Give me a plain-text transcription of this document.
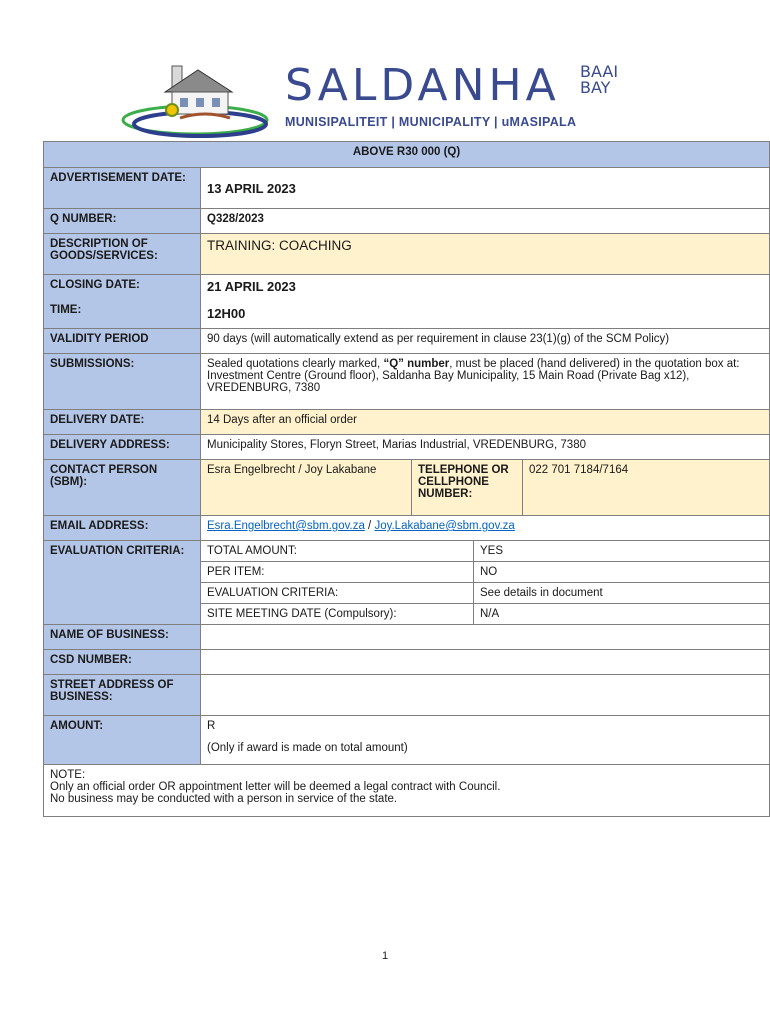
SALDANHA BAAI
BAY
MUNISIPALITEIT | MUNICIPALITY | uMASIPALA
ABOVE R30 000 (Q)
ADVERTISEMENT DATE:	13 APRIL 2023
Q NUMBER:	Q328/2023
DESCRIPTION OF GOODS/SERVICES:	TRAINING: COACHING
CLOSING DATE:	21 APRIL 2023
TIME:	12H00
VALIDITY PERIOD	90 days (will automatically extend as per requirement in clause 23(1)(g) of the SCM Policy)
SUBMISSIONS:	Sealed quotations clearly marked, “Q” number, must be placed (hand delivered) in the quotation box at: Investment Centre (Ground floor), Saldanha Bay Municipality, 15 Main Road (Private Bag x12), VREDENBURG, 7380
DELIVERY DATE:	14 Days after an official order
DELIVERY ADDRESS:	Municipality Stores, Floryn Street, Marias Industrial, VREDENBURG, 7380
CONTACT PERSON (SBM):	Esra Engelbrecht / Joy Lakabane	TELEPHONE OR CELLPHONE NUMBER:	022 701 7184/7164
EMAIL ADDRESS:	Esra.Engelbrecht@sbm.gov.za / Joy.Lakabane@sbm.gov.za
EVALUATION CRITERIA:	TOTAL AMOUNT:	YES
PER ITEM:	NO
EVALUATION CRITERIA:	See details in document
SITE MEETING DATE (Compulsory):	N/A

NAME OF BUSINESS:	
CSD NUMBER:	
STREET ADDRESS OF BUSINESS:	
AMOUNT:	R
(Only if award is made on total amount)

NOTE:
Only an official order OR appointment letter will be deemed a legal contract with Council.
No business may be conducted with a person in service of the state.
1
